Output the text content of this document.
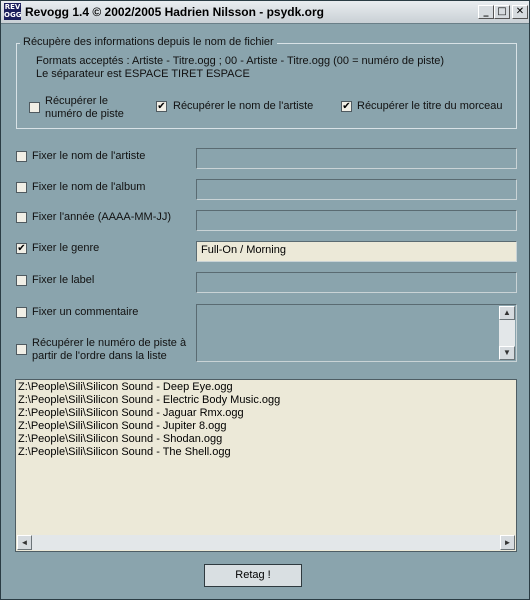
REV
OGG Revogg 1.4 © 2002/2005 Hadrien Nilsson - psydk.org	_ □ ✕
Récupère des informations depuis le nom de fichier
Formats acceptés : Artiste - Titre.ogg ; 00 - Artiste - Titre.ogg (00 = numéro de piste)
Le séparateur est ESPACE TIRET ESPACE
Récupérer le
numéro de piste
✔ Récupérer le nom de l'artiste	✔ Récupérer le titre du morceau
Fixer le nom de l'artiste
Fixer le nom de l'album
Fixer l'année (AAAA-MM-JJ)
✔ Fixer le genre	Full-On / Morning
Fixer le label
Fixer un commentaire
Récupérer le numéro de piste à
partir de l'ordre dans la liste
▲
▼
Z:\People\Sili\Silicon Sound - Deep Eye.ogg
Z:\People\Sili\Silicon Sound - Electric Body Music.ogg
Z:\People\Sili\Silicon Sound - Jaguar Rmx.ogg
Z:\People\Sili\Silicon Sound - Jupiter 8.ogg
Z:\People\Sili\Silicon Sound - Shodan.ogg
Z:\People\Sili\Silicon Sound - The Shell.ogg
◄	►
Retag !
